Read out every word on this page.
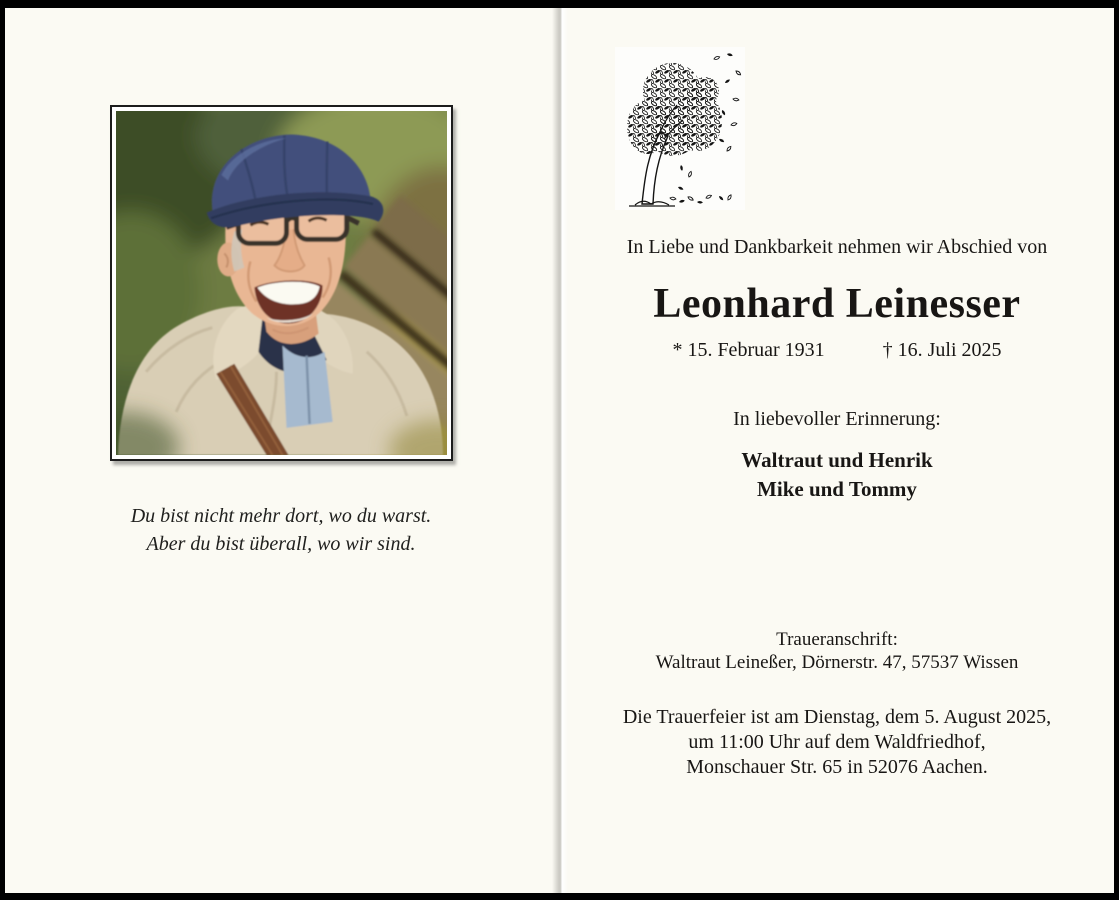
Du bist nicht mehr dort, wo du warst.
Aber du bist überall, wo wir sind.
In Liebe und Dankbarkeit nehmen wir Abschied von
Leonhard Leinesser
* 15. Februar 1931	† 16. Juli 2025
In liebevoller Erinnerung:
Waltraut und Henrik
Mike und Tommy
Traueranschrift:
Waltraut Leineßer, Dörnerstr. 47, 57537 Wissen
Die Trauerfeier ist am Dienstag, dem 5. August 2025,
um 11:00 Uhr auf dem Waldfriedhof,
Monschauer Str. 65 in 52076 Aachen.
